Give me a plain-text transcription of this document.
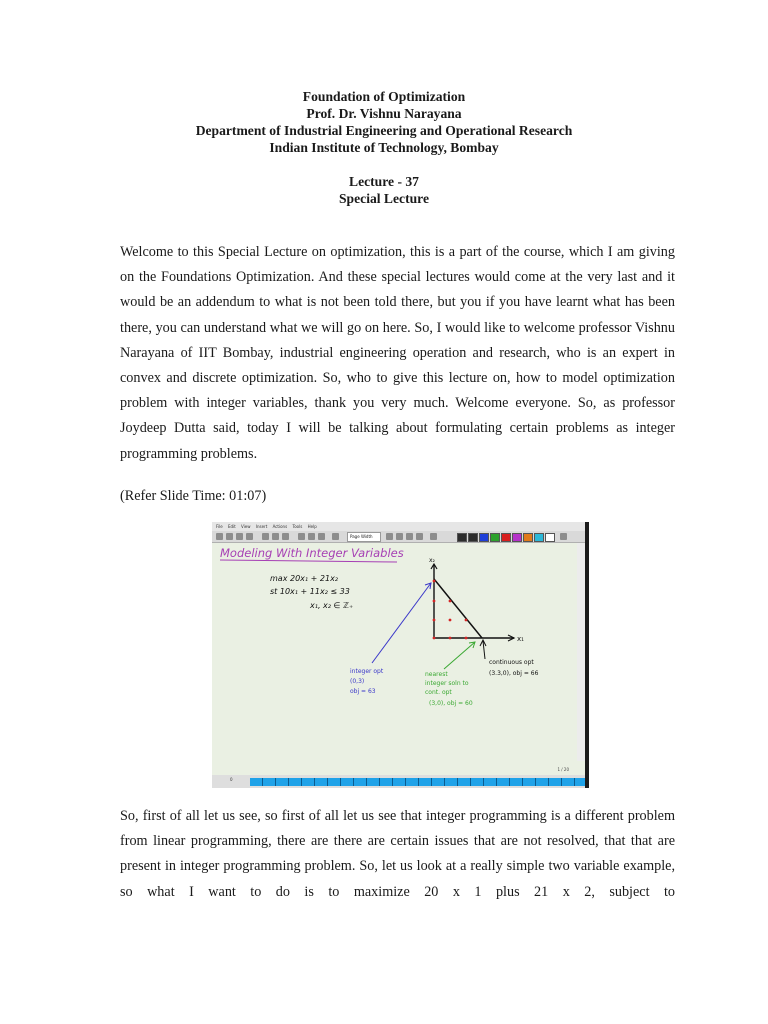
Foundation of Optimization
Prof. Dr. Vishnu Narayana
Department of Industrial Engineering and Operational Research
Indian Institute of Technology, Bombay
Lecture - 37
Special Lecture

Welcome to this Special Lecture on optimization, this is a part of the course, which I am giving on the Foundations Optimization. And these special lectures would come at the very last and it would be an addendum to what is not been told there, but you if you have learnt what has been there, you can understand what we will go on here. So, I would like to welcome professor Vishnu Narayana of IIT Bombay, industrial engineering operation and research, who is an expert in convex and discrete optimization. So, who to give this lecture on, how to model optimization problem with integer variables, thank you very much. Welcome everyone. So, as professor Joydeep Dutta said, today I will be talking about formulating certain problems as integer programming problems.

(Refer Slide Time: 01:07)

File Edit View Insert Actions Tools Help
Page Width
Modeling With Integer Variables
max 20x₁ + 21x₂
st 10x₁ + 11x₂ ≤ 33
x₁, x₂ ∈ ℤ₊
x₂
x₁
integer opt
(0,3)
obj = 63
nearest
integer soln to
cont. opt
(3,0), obj = 60
continuous opt
(3.3,0), obj = 66
1 / 20
0

So, first of all let us see, so first of all let us see that integer programming is a different problem from linear programming, there are there are certain issues that are not resolved, that that are present in integer programming problem. So, let us look at a really simple two variable example, so what I want to do is to maximize 20 x 1 plus 21 x 2, subject to
